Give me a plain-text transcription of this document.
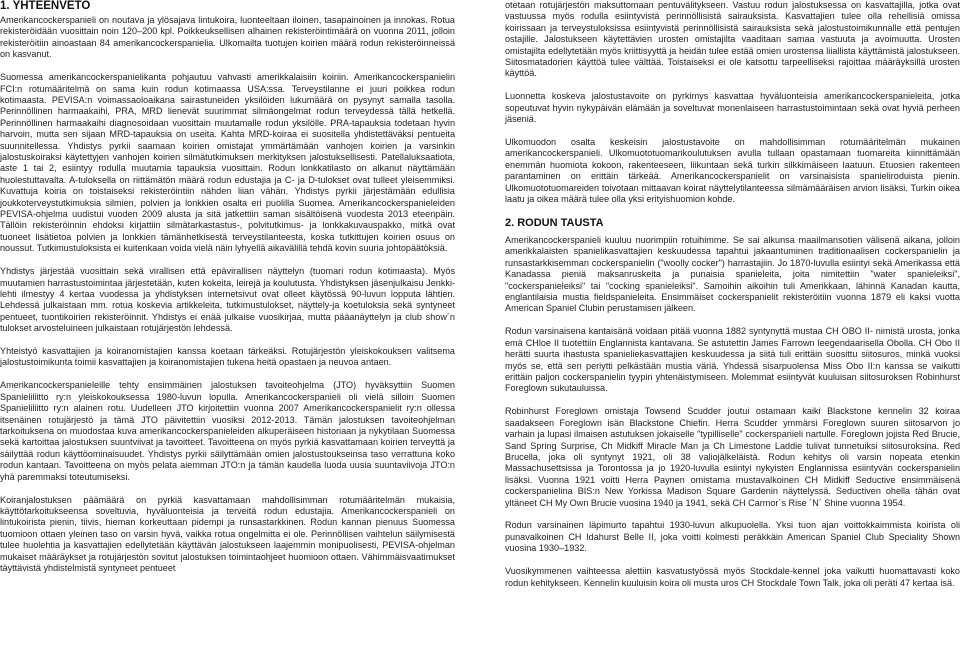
1. YHTEENVETO

Amerikancockerspanieli on noutava ja ylösajava lintukoira, luonteeltaan iloinen, tasapainoinen ja innokas. Rotua rekisteröidään vuosittain noin 120–200 kpl. Poikkeuksellisen alhainen rekisteröintimäärä on vuonna 2011, jolloin rekisteröitiin ainoastaan 84 amerikancockerspanielia. Ulkomailta tuotujen koirien määrä rodun rekisteröinneissä on kasvanut.

Suomessa amerikancockerspanielikanta pohjautuu vahvasti amerikkalaisiin koiriin. Amerikancockerspanielin FCI:n rotumääritelmä on sama kuin rodun kotimaassa USA:ssa. Terveystilanne ei juuri poikkea rodun kotimaasta. PEVISA:n voimassaoloaikana sairastuneiden yksilöiden lukumäärä on pysynyt samalla tasolla. Perinnöllinen harmaakaihi, PRA, MRD lienevät suurimmat silmäongelmat rodun terveydessä tällä hetkellä. Perinnöllinen harmaakaihi diagnosoidaan vuosittain muutamalle rodun yksilölle. PRA-tapauksia todetaan hyvin harvoin, mutta sen sijaan MRD-tapauksia on useita. Kahta MRD-koiraa ei suositella yhdistettäväksi pentueita suunnitellessa. Yhdistys pyrkii saamaan koirien omistajat ymmärtämään vanhojen koirien ja varsinkin jalostuskoiraksi käytettyjen vanhojen koirien silmätutkimuksen merkityksen jalostuksellisesti. Patellaluksaatiota, aste 1 tai 2, esiintyy rodulla muutamia tapauksia vuosittain. Rodun lonkkatilasto on alkanut näyttämään huolestuttavalta. A-tuloksella on riittämätön määrä rodun edustajia ja C- ja D-tulokset ovat tulleet yleisemmiksi. Kuvattuja koiria on toistaiseksi rekisteröintiin nähden liian vähän. Yhdistys pyrkii järjestämään edullisia joukkoterveystutkimuksia silmien, polvien ja lonkkien osalta eri puolilla Suomea. Amerikancockerspanieleiden PEVISA-ohjelma uudistui vuoden 2009 alusta ja sitä jatkettiin saman sisältöisenä vuodesta 2013 eteenpäin. Tällöin rekisteröinnin ehdoksi kirjattiin silmätarkastastus-, polvitutkimus- ja lonkkakuvauspakko, mitkä ovat tuoneet lisätietoa polvien ja lonkkien tämänhetkisestä terveystilanteesta, koska tutkittujen koirien osuus on noussut. Tutkimustuloksista ei kuitenkaan voida vielä näin lyhyellä aikavälillä tehdä kovin suuria johtopäätöksiä.

Yhdistys järjestää vuosittain sekä virallisen että epävirallisen näyttelyn (tuomari rodun kotimaasta). Myös muutamien harrastustoimintaa järjestetään, kuten kokeita, leirejä ja koulutusta. Yhdistyksen jäsenjulkaisu Jenkki-lehti ilmestyy 4 kertaa vuodessa ja yhdistyksen internetsivut ovat olleet käytössä 90-luvun lopputa lähtien. Lehdessä julkaistaan mm. rotua koskevia artikkeleita, tutkimustulokset, näyttely-ja koetuloksia sekä syntyneet pentueet, tuontikoirien rekisteröinnit. Yhdistys ei enää julkaise vuosikirjaa, mutta pääanäyttelyn ja club show´n tulokset arvosteluineen julkaistaan rotujärjestön lehdessä.

Yhteistyö kasvattajien ja koiranomistajien kanssa koetaan tärkeäksi. Rotujärjestön yleiskokouksen valitsema jalostustoimikunta toimii kasvattajien ja koiranomistajien tukena heitä opastaen ja neuvoa antaen.

Amerikancockerspanieleille tehty ensimmäinen jalostuksen tavoiteohjelma (JTO) hyväksyttiin Suomen Spanieliliitto ry:n yleiskokouksessa 1980-luvun lopulla. Amerikancockerspanieli oli vielä silloin Suomen Spanieliliitto ry:n alainen rotu. Uudelleen JTO kirjoitettiin vuonna 2007 Amerikancockerspanielit ry:n ollessa itsenäinen rotujärjestö ja tämä JTO päivitettiin vuosiksi 2012-2013. Tämän jalostuksen tavoiteohjelman tarkoituksena on muodostaa kuva amerikancockerspanieleiden alkuperäiseen historiaan ja nykytilaan Suomessa sekä kartoittaa jalostuksen suuntviivat ja tavoitteet. Tavoitteena on myös pyrkiä kasvattamaan koirien terveyttä ja säilyttää rodun käyttöominaisuudet. Yhdistys pyrkii säilyttämään omien jalostustoukseinsa taso verrattuna koko rodun kantaan. Tavoitteena on myös pelata aiemman JTO:n ja tämän kaudella luoda uusia suuntaviivoja JTO:n yhä paremmaksi toteutumiseksi.

Koiranjalostuksen päämäärä on pyrkiä kasvattamaan mahdollisimman rotumääritelmän mukaisia, käyttötarkoitukseensa soveltuvia, hyväluonteisia ja terveitä rodun edustajia. Amerikancockerspanieli on lintukoirista pienin, tiivis, hieman korkeuttaan pidempi ja runsastarkkinen. Rodun kannan pienuus Suomessa tuomioon ottaen yleinen taso on varsin hyvä, vaikka rotua ongelmitta ei ole. Perinnöllisen vaihtelun säilymisestä tulee huolehtia ja kasvattajien edellytetään käyttävän jalostukseen laajemmin monipuolisesti, PEVISA-ohjelman mukaiset määräykset ja rotujärjestön sovitut jalostuksen toimintaohjeet huomioon ottaen. Vähimmäisvaatimukset täyttävistä yhdistelmistä syntyneet pentueet

otetaan rotujärjestön maksuttomaan pentuvälitykseen. Vastuu rodun jalostuksessa on kasvattajilla, jotka ovat vastuussa myös rodulla esiintyvistä perinnöllisistä sairauksista. Kasvattajien tulee olla rehellisiä omissa koirissaan ja terveystuloksissa esiintyvistä perinnöllisistä sairauksista sekä jalostustoimikunnalle että pentujen ostajille. Jalostukseen käytettävien urosten omistajilta vaaditaan samaa vastuuta ja avoimuutta. Urosten omistajilta edellytetään myös kriittisyyttä ja heidän tulee estää omien urostensa liiallista käyttämistä jalostukseen. Siitosmatadorien käyttöä tulee välttää. Toistaiseksi ei ole katsottu tarpeelliseksi rajoittaa määräyksillä urosten käyttöä.

Luonnetta koskeva jalostustavoite on pyrkimys kasvattaa hyväluonteisia amerikancockerspanieleita, jotka sopeutuvat hyvin nykypäivän elämään ja soveltuvat monenlaiseen harrastustoimintaan sekä ovat hyviä perheen jäseniä.

Ulkomuodon osalta keskeisin jalostustavoite on mahdollisimman rotumääritelmän mukainen amerikancockerspanieli. Ulkomuototuomarikoulutuksen avulla tullaan opastamaan tuomareita kiinnittämään enemmän huomiota kokoon, rakenteeseen, liikuntaan sekä turkin silkkimäiseen laatuun. Etuosien rakenteen parantaminen on erittäin tärkeää. Amerikancockerspanielit on varsinaisista spanieliroduista pienin. Ulkomuototuomareiden toivotaan mittaavan koirat näyttelytilanteessa silmämääräisen arvion lisäksi. Turkin oikea laatu ja oikea määrä tulee olla yksi erityishuomion kohde.

2. RODUN TAUSTA

Amerikancockerspanieli kuuluu nuorimpiin rotuihimme. Se sai alkunsa maailmansotien välisenä aikana, jolloin amerikkalaisten spanielikasvattajien keskuudessa tapahtui jakaantuminen traditionaalisen cockerspanielin ja runsastarkkisemman cockerspanielin ("woolly cocker") harrastajiin. Jo 1870-luvulla esiintyi sekä Amerikassa että Kanadassa pieniä maksanruskeita ja punaisia spanieleita, joita nimitettiin "water spanieleiksi", "cockerspanieleiksi" tai "cocking spanieleiksi". Samoihin aikoihin tuli Amerikkaan, lähinnä Kanadan kautta, englantilaisia mustia fieldspanieleita. Ensimmäiset cockerspanielit rekisteröitiin vuonna 1879 eli kaksi vuotta American Spaniel Clubin perustamisen jälkeen.

Rodun varsinaisena kantaisänä voidaan pitää vuonna 1882 syntynyttä mustaa CH OBO II- nimistä urosta, jonka emä CHloe II tuotettiin Englannista kantavana. Se astutettin James Farrown leegendaarisella Obolla. CH Obo II herätti suurta ihastusta spanieliekasvattajien keskuudessa ja siitä tuli erittäin suosittu siitosuros, minkä vuoksi myös se, että sen periytti pelkästään mustia väriä. Yhdessä sisarpuolensa Miss Obo II:n kanssa se vaikutti erittäin paljon cockerspanielin tyypin yhtenäistymiseen. Molemmat esiintyvät kuuluisan siitosuroksen Robinhurst Foreglown sukutauluissa.

Robinhurst Foreglown omistaja Towsend Scudder joutui ostamaan kaiki Blackstone kennelin 32 koiraa saadakseen Foreglown isän Blackstone Chiefin. Herra Scudder ymmärsi Foreglown suuren siitosarvon jo varhain ja lupasi ilmaisen astutuksen jokaiselle "typilliselle" cockerspanieli nartulle. Foreglown jojista Red Brucie, Sand Spring Surprise, Ch Midkiff Miracle Man ja Ch Limestone Laddie tulivat tunnetuiksi siitosuroksina. Red Brucella, joka oli syntynyt 1921, oli 38 valiojälkeläistä. Rodun kehitys oli varsin nopeata etenkin Massachusettsissa ja Torontossa ja jo 1920-luvulla esiintyi nykyisten Englannissa esiintyvän cockerspanielin lisäksi. Vuonna 1921 voitti Herra Paynen omistama mustavalkoinen CH Midkiff Seductive ensimmäisenä cockerspanielina BIS:n New Yorkissa Madison Square Gardenin näyttelyssä. Seductiven ohella tähän ovat yltäneet CH My Own Brucie vuosina 1940 ja 1941, sekä CH Carmor´s Rise ´N´ Shine vuonna 1954.

Rodun varsinainen läpimurto tapahtui 1930-luvun alkupuolella. Yksi tuon ajan voittokkaimmista koirista oli punavalkoinen CH Idahurst Belle II, joka voitti kolmesti peräkkäin American Spaniel Club Speciality Shown vuosina 1930–1932.

Vuosikymmenen vaihteessa alettiin kasvatustyössä myös Stockdale-kennel joka vaikutti huomattavasti koko rodun kehitykseen. Kennelin kuuluisin koira oli musta uros CH Stockdale Town Talk, joka oli peräti 47 kertaa isä.
